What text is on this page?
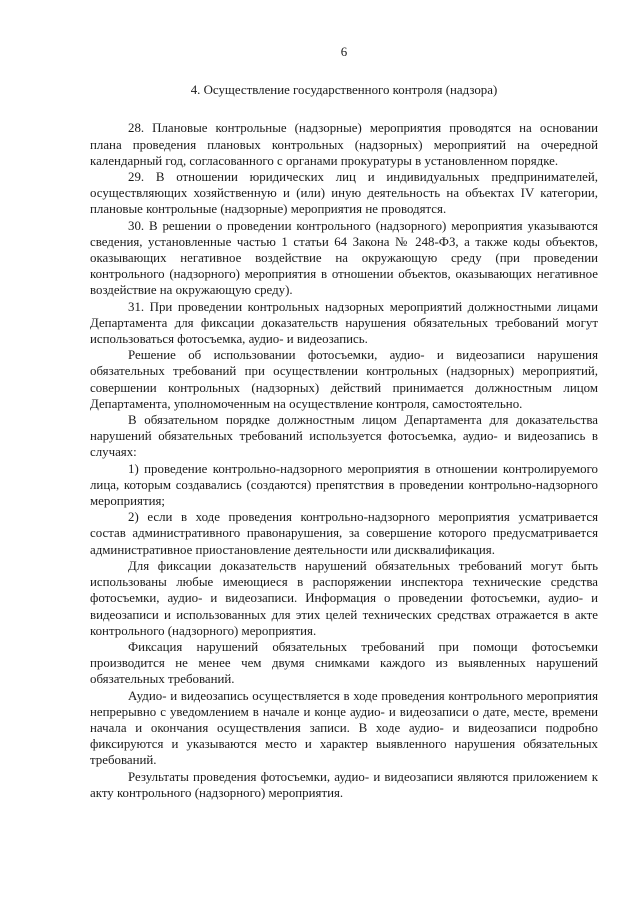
6
4. Осуществление государственного контроля (надзора)

28. Плановые контрольные (надзорные) мероприятия проводятся на основании плана проведения плановых контрольных (надзорных) мероприятий на очередной календарный год, согласованного с органами прокуратуры в установленном порядке.

29. В отношении юридических лиц и индивидуальных предпринимателей, осуществляющих хозяйственную и (или) иную деятельность на объектах IV категории, плановые контрольные (надзорные) мероприятия не проводятся.

30. В решении о проведении контрольного (надзорного) мероприятия указываются сведения, установленные частью 1 статьи 64 Закона № 248-ФЗ, а также коды объектов, оказывающих негативное воздействие на окружающую среду (при проведении контрольного (надзорного) мероприятия в отношении объектов, оказывающих негативное воздействие на окружающую среду).

31. При проведении контрольных надзорных мероприятий должностными лицами Департамента для фиксации доказательств нарушения обязательных требований могут использоваться фотосъемка, аудио- и видеозапись.

Решение об использовании фотосъемки, аудио- и видеозаписи нарушения обязательных требований при осуществлении контрольных (надзорных) мероприятий, совершении контрольных (надзорных) действий принимается должностным лицом Департамента, уполномоченным на осуществление контроля, самостоятельно.

В обязательном порядке должностным лицом Департамента для доказательства нарушений обязательных требований используется фотосъемка, аудио- и видеозапись в случаях:

1) проведение контрольно-надзорного мероприятия в отношении контролируемого лица, которым создавались (создаются) препятствия в проведении контрольно-надзорного мероприятия;

2) если в ходе проведения контрольно-надзорного мероприятия усматривается состав административного правонарушения, за совершение которого предусматривается административное приостановление деятельности или дисквалификация.

Для фиксации доказательств нарушений обязательных требований могут быть использованы любые имеющиеся в распоряжении инспектора технические средства фотосъемки, аудио- и видеозаписи. Информация о проведении фотосъемки, аудио- и видеозаписи и использованных для этих целей технических средствах отражается в акте контрольного (надзорного) мероприятия.

Фиксация нарушений обязательных требований при помощи фотосъемки производится не менее чем двумя снимками каждого из выявленных нарушений обязательных требований.

Аудио- и видеозапись осуществляется в ходе проведения контрольного мероприятия непрерывно с уведомлением в начале и конце аудио- и видеозаписи о дате, месте, времени начала и окончания осуществления записи. В ходе аудио- и видеозаписи подробно фиксируются и указываются место и характер выявленного нарушения обязательных требований.

Результаты проведения фотосъемки, аудио- и видеозаписи являются приложением к акту контрольного (надзорного) мероприятия.
